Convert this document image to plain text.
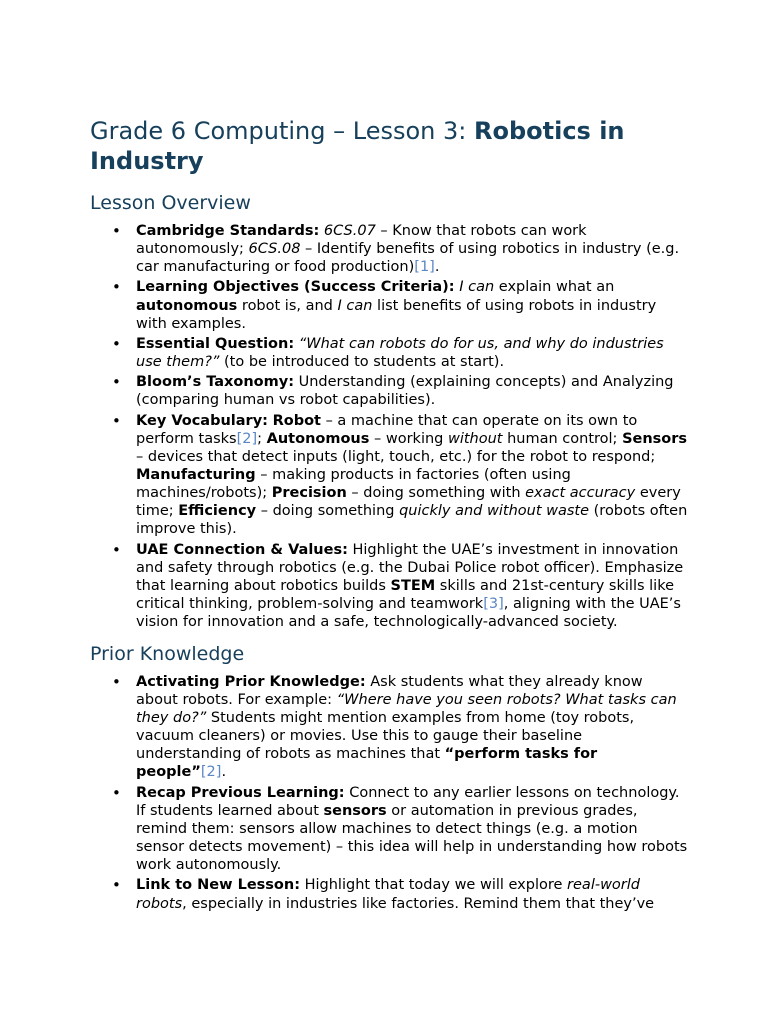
Grade 6 Computing – Lesson 3: Robotics in Industry
Lesson Overview
• Cambridge Standards: 6CS.07 – Know that robots can work autonomously; 6CS.08 – Identify benefits of using robotics in industry (e.g. car manufacturing or food production)[1].
• Learning Objectives (Success Criteria): I can explain what an autonomous robot is, and I can list benefits of using robots in industry with examples.
• Essential Question: “What can robots do for us, and why do industries use them?” (to be introduced to students at start).
• Bloom’s Taxonomy: Understanding (explaining concepts) and Analyzing (comparing human vs robot capabilities).
• Key Vocabulary: Robot – a machine that can operate on its own to perform tasks[2]; Autonomous – working without human control; Sensors – devices that detect inputs (light, touch, etc.) for the robot to respond; Manufacturing – making products in factories (often using machines/robots); Precision – doing something with exact accuracy every time; Efficiency – doing something quickly and without waste (robots often improve this).
• UAE Connection & Values: Highlight the UAE’s investment in innovation and safety through robotics (e.g. the Dubai Police robot officer). Emphasize that learning about robotics builds STEM skills and 21st-century skills like critical thinking, problem-solving and teamwork[3], aligning with the UAE’s vision for innovation and a safe, technologically-advanced society.
Prior Knowledge
• Activating Prior Knowledge: Ask students what they already know about robots. For example: “Where have you seen robots? What tasks can they do?” Students might mention examples from home (toy robots, vacuum cleaners) or movies. Use this to gauge their baseline understanding of robots as machines that “perform tasks for people”[2].
• Recap Previous Learning: Connect to any earlier lessons on technology. If students learned about sensors or automation in previous grades, remind them: sensors allow machines to detect things (e.g. a motion sensor detects movement) – this idea will help in understanding how robots work autonomously.
• Link to New Lesson: Highlight that today we will explore real-world robots, especially in industries like factories. Remind them that they’ve
